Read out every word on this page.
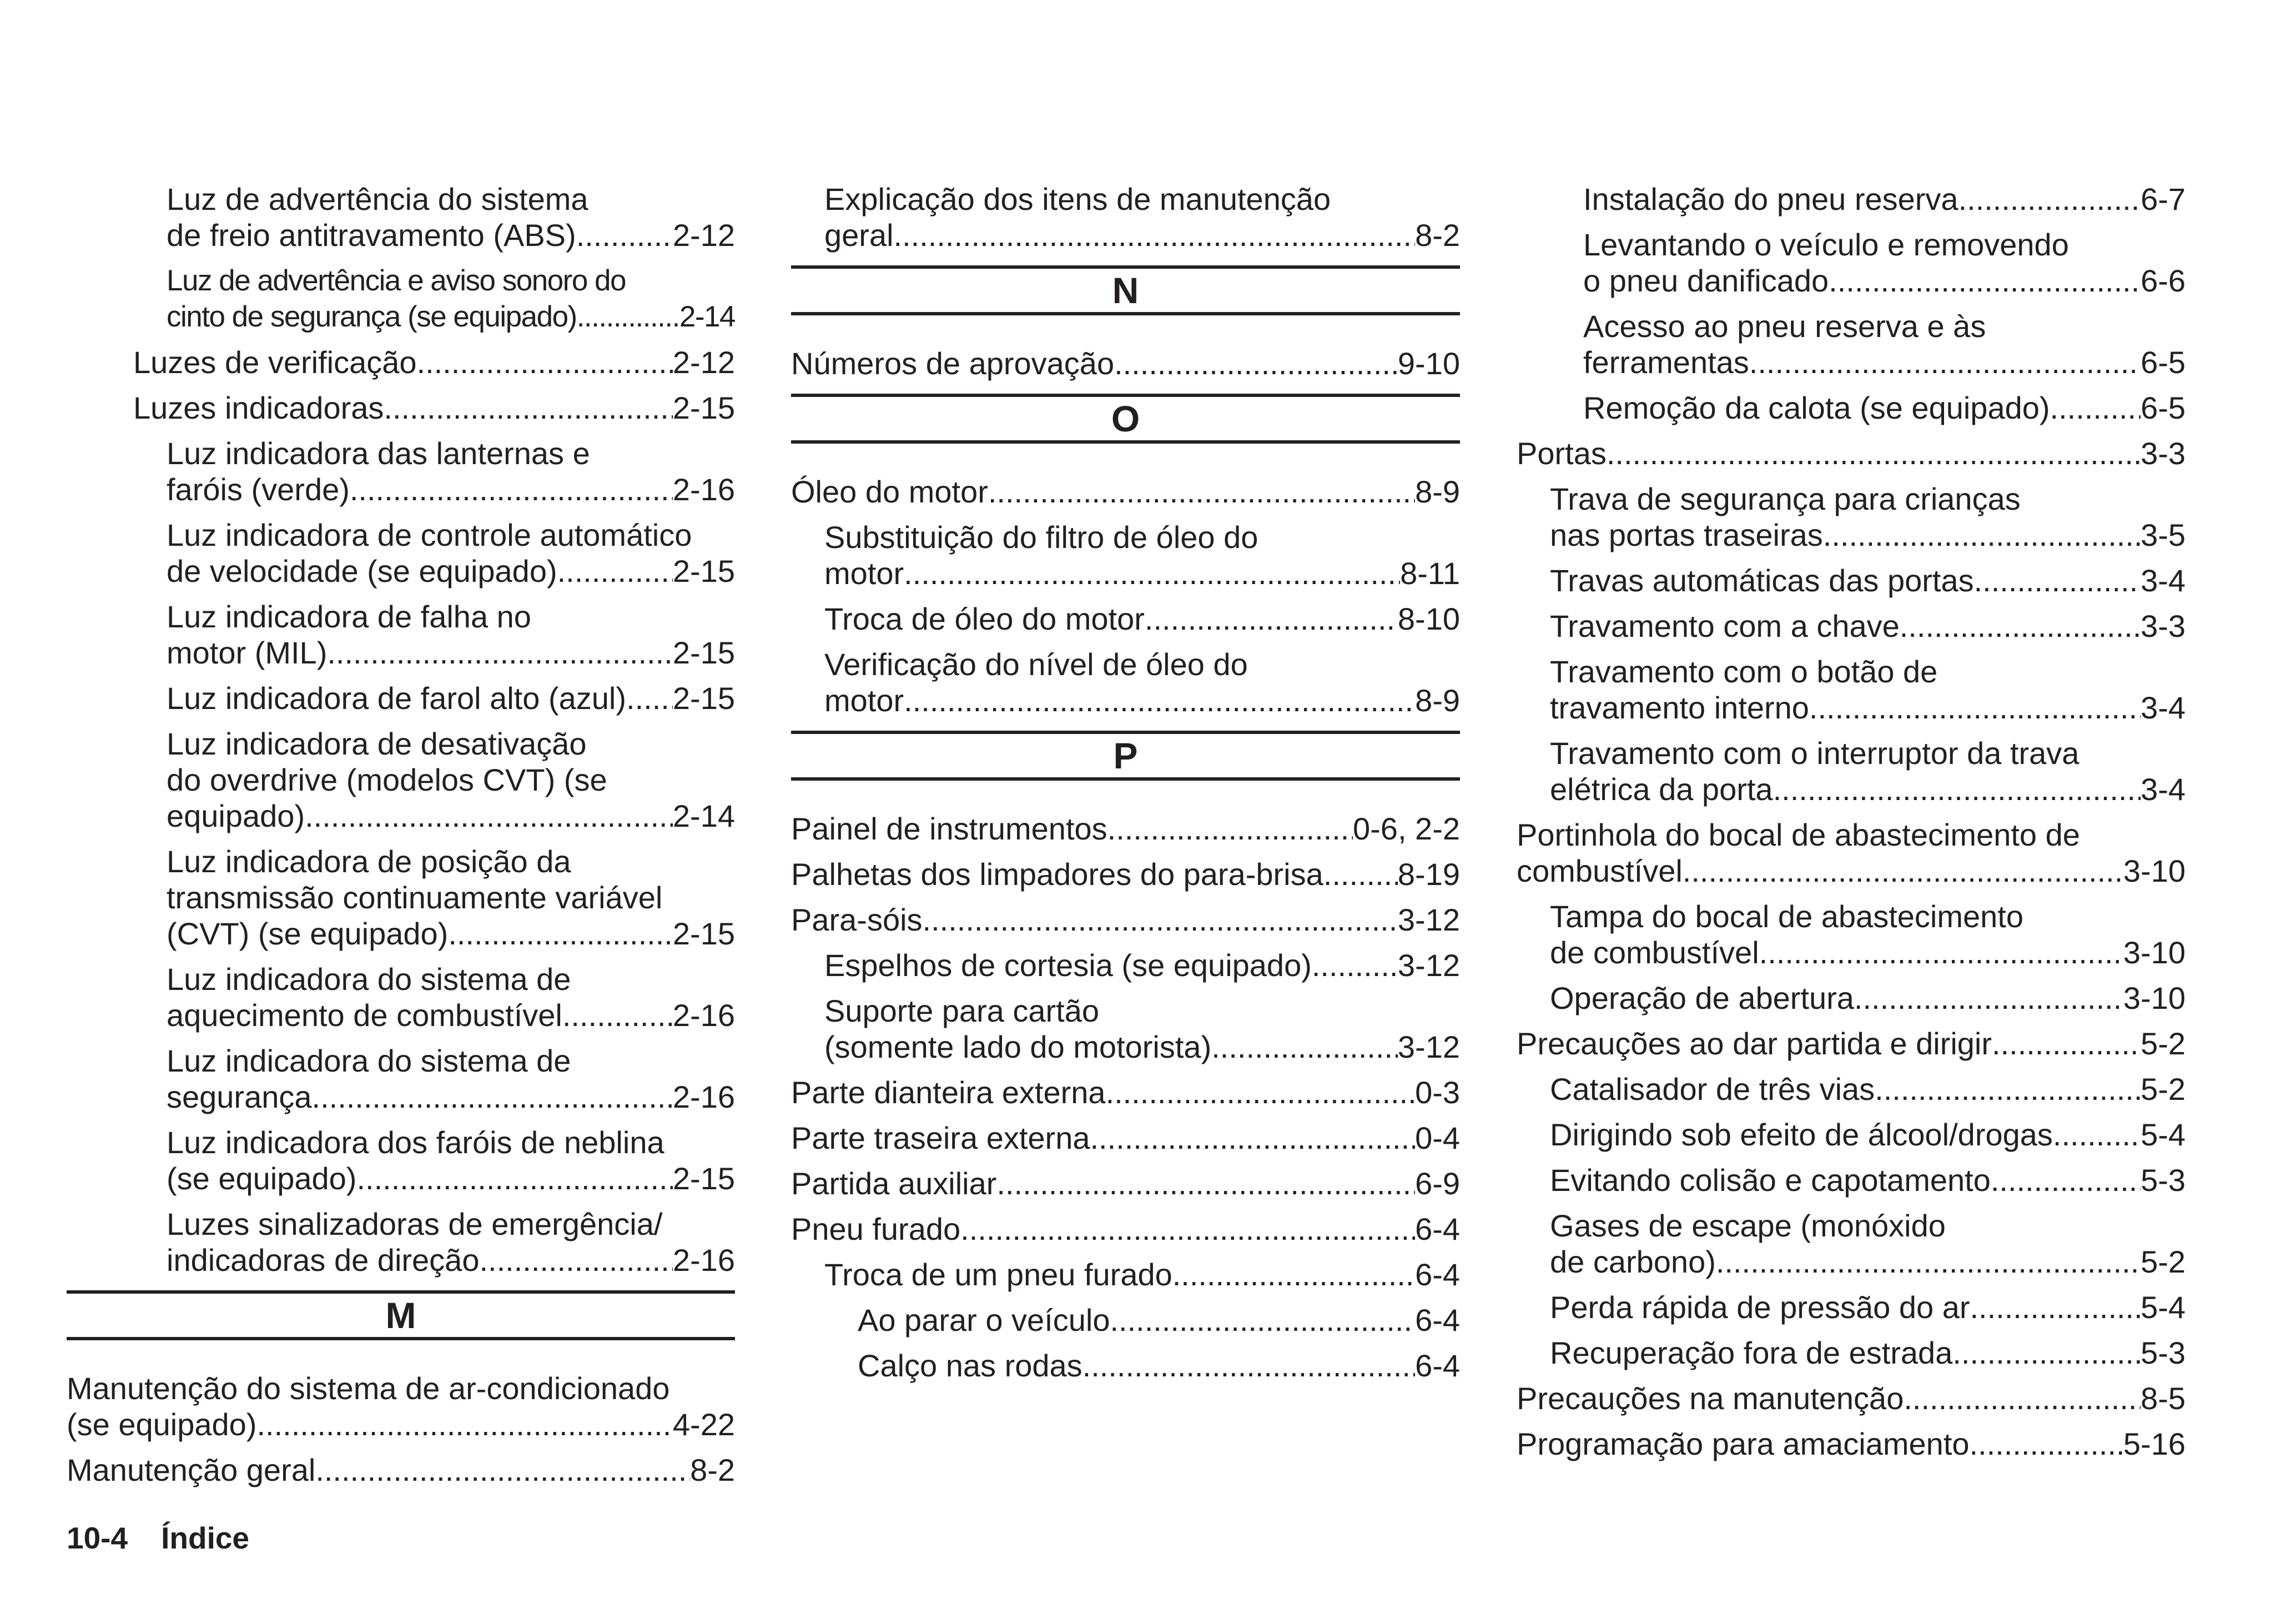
Luz de advertência do sistema
de freio antitravamento (ABS) .....	2-12
Luz de advertência e aviso sonoro do
cinto de segurança (se equipado) .....	2-14
Luzes de verificação .....	2-12
Luzes indicadoras .....	2-15
Luz indicadora das lanternas e
faróis (verde) .....	2-16
Luz indicadora de controle automático
de velocidade (se equipado) .....	2-15
Luz indicadora de falha no
motor (MIL) .....	2-15
Luz indicadora de farol alto (azul) ..... 2-15
Luz indicadora de desativação
do overdrive (modelos CVT) (se
equipado) .....	2-14
Luz indicadora de posição da
transmissão continuamente variável
(CVT) (se equipado) .....	2-15
Luz indicadora do sistema de
aquecimento de combustível .....	2-16
Luz indicadora do sistema de
segurança .....	2-16
Luz indicadora dos faróis de neblina
(se equipado) .....	2-15
Luzes sinalizadoras de emergência/
indicadoras de direção .....	2-16
M
Manutenção do sistema de ar-condicionado
(se equipado) .....	4-22
Manutenção geral .....	8-2
Explicação dos itens de manutenção
geral .....	8-2
N
Números de aprovação .....	9-10
O
Óleo do motor .....	8-9
Substituição do filtro de óleo do
motor .....	8-11
Troca de óleo do motor .....	8-10
Verificação do nível de óleo do
motor .....	8-9
P
Painel de instrumentos .....	0-6, 2-2
Palhetas dos limpadores do para-brisa ..... 8-19
Para-sóis .....	3-12
Espelhos de cortesia (se equipado) .....	3-12
Suporte para cartão
(somente lado do motorista) .....	3-12
Parte dianteira externa .....	0-3
Parte traseira externa .....	0-4
Partida auxiliar .....	6-9
Pneu furado .....	6-4
Troca de um pneu furado .....	6-4
Ao parar o veículo .....	6-4
Calço nas rodas .....	6-4
Instalação do pneu reserva .....	6-7
Levantando o veículo e removendo
o pneu danificado .....	6-6
Acesso ao pneu reserva e às
ferramentas .....	6-5
Remoção da calota (se equipado) .....	6-5
Portas .....	3-3
Trava de segurança para crianças
nas portas traseiras .....	3-5
Travas automáticas das portas .....	3-4
Travamento com a chave .....	3-3
Travamento com o botão de
travamento interno .....	3-4
Travamento com o interruptor da trava
elétrica da porta .....	3-4
Portinhola do bocal de abastecimento de
combustível .....	3-10
Tampa do bocal de abastecimento
de combustível .....	3-10
Operação de abertura .....	3-10
Precauções ao dar partida e dirigir .....	5-2
Catalisador de três vias .....	5-2
Dirigindo sob efeito de álcool/drogas .....	5-4
Evitando colisão e capotamento .....	5-3
Gases de escape (monóxido
de carbono) .....	5-2
Perda rápida de pressão do ar .....	5-4
Recuperação fora de estrada .....	5-3
Precauções na manutenção .....	8-5
Programação para amaciamento .....	5-16
10-4 Índice
